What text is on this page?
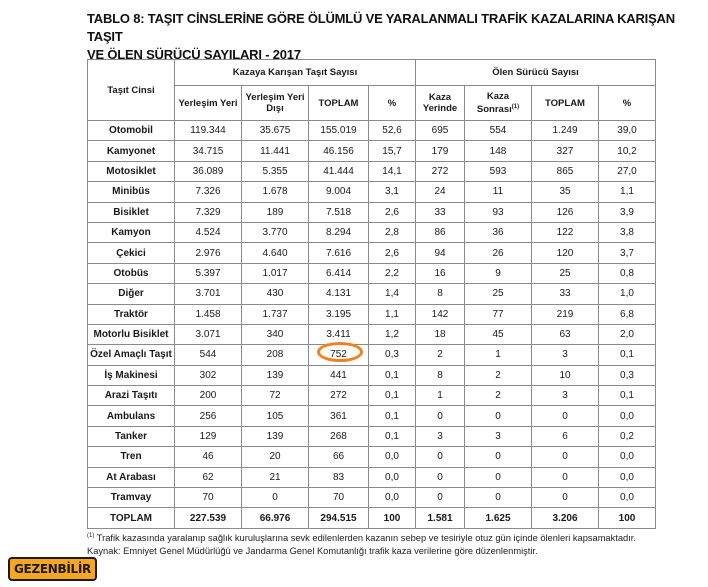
TABLO 8: TAŞIT CİNSLERİNE GÖRE ÖLÜMLÜ VE YARALANMALI TRAFİK KAZALARINA KARIŞAN TAŞIT
VE ÖLEN SÜRÜCÜ SAYILARI - 2017
Taşıt Cinsi	Kazaya Karışan Taşıt Sayısı				Ölen Sürücü Sayısı			
	Yerleşim Yeri	Yerleşim Yeri Dışı	TOPLAM	%	Kaza Yerinde	Kaza Sonrası$^{(1)}$	TOPLAM	%
Otomobil	119.344	35.675	155.019	52,6	695	554	1.249	39,0
Kamyonet	34.715	11.441	46.156	15,7	179	148	327	10,2
Motosiklet	36.089	5.355	41.444	14,1	272	593	865	27,0
Minibüs	7.326	1.678	9.004	3,1	24	11	35	1,1
Bisiklet	7.329	189	7.518	2,6	33	93	126	3,9
Kamyon	4.524	3.770	8.294	2,8	86	36	122	3,8
Çekici	2.976	4.640	7.616	2,6	94	26	120	3,7
Otobüs	5.397	1.017	6.414	2,2	16	9	25	0,8
Diğer	3.701	430	4.131	1,4	8	25	33	1,0
Traktör	1.458	1.737	3.195	1,1	142	77	219	6,8
Motorlu Bisiklet	3.071	340	3.411	1,2	18	45	63	2,0
Özel Amaçlı Taşıt	544	208	752	0,3	2	1	3	0,1
İş Makinesi	302	139	441	0,1	8	2	10	0,3
Arazi Taşıtı	200	72	272	0,1	1	2	3	0,1
Ambulans	256	105	361	0,1	0	0	0	0,0
Tanker	129	139	268	0,1	3	3	6	0,2
Tren	46	20	66	0,0	0	0	0	0,0
At Arabası	62	21	83	0,0	0	0	0	0,0
Tramvay	70	0	70	0,0	0	0	0	0,0
TOPLAM	227.539	66.976	294.515	100	1.581	1.625	3.206	100
$^{(1)}$ Trafik kazasında yaralanıp sağlık kuruluşlarına sevk edilenlerden kazanın sebep ve tesiriyle otuz gün içinde ölenleri kapsamaktadır.
Kaynak: Emniyet Genel Müdürlüğü ve Jandarma Genel Komutanlığı trafik kaza verilerine göre düzenlenmiştir.
GEZENBİLİR
